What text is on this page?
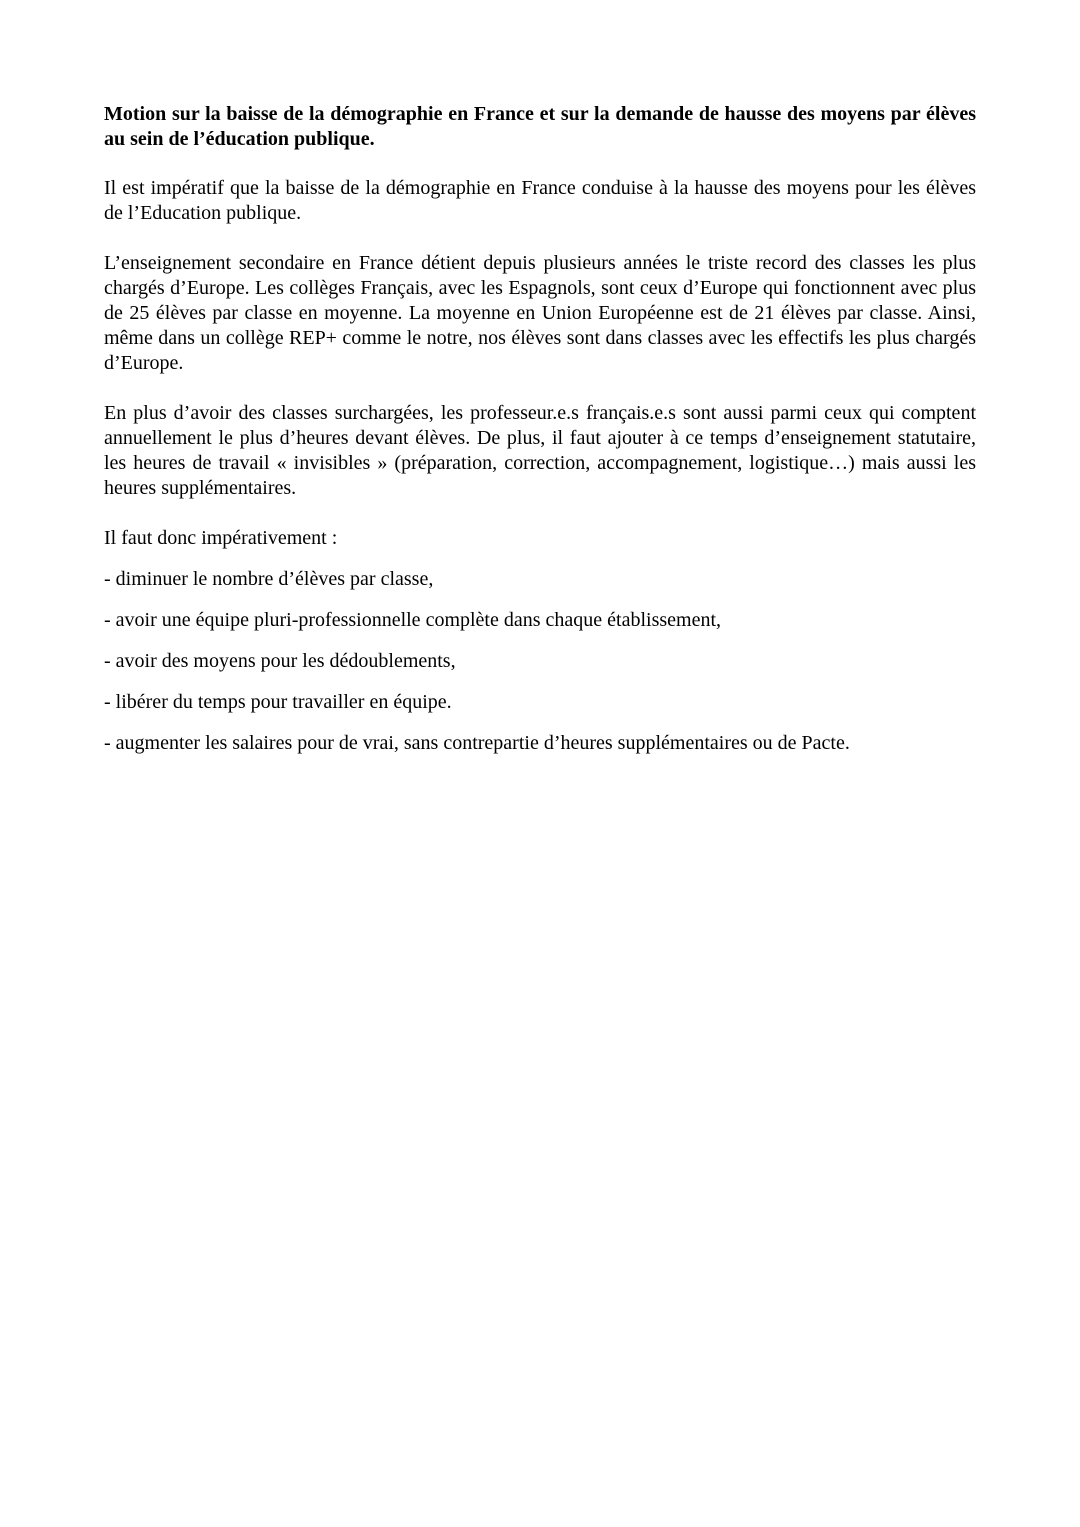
Motion sur la baisse de la démographie en France et sur la demande de hausse des moyens par élèves au sein de l’éducation publique.

Il est impératif que la baisse de la démographie en France conduise à la hausse des moyens pour les élèves de l’Education publique.

L’enseignement secondaire en France détient depuis plusieurs années le triste record des classes les plus chargés d’Europe. Les collèges Français, avec les Espagnols, sont ceux d’Europe qui fonctionnent avec plus de 25 élèves par classe en moyenne. La moyenne en Union Européenne est de 21 élèves par classe. Ainsi, même dans un collège REP+ comme le notre, nos élèves sont dans classes avec les effectifs les plus chargés d’Europe.

En plus d’avoir des classes surchargées, les professeur.e.s français.e.s sont aussi parmi ceux qui comptent annuellement le plus d’heures devant élèves. De plus, il faut ajouter à ce temps d’enseignement statutaire, les heures de travail « invisibles » (préparation, correction, accompagnement, logistique…) mais aussi les heures supplémentaires.

Il faut donc impérativement :

- diminuer le nombre d’élèves par classe,
- avoir une équipe pluri-professionnelle complète dans chaque établissement,
- avoir des moyens pour les dédoublements,
- libérer du temps pour travailler en équipe.
- augmenter les salaires pour de vrai, sans contrepartie d’heures supplémentaires ou de Pacte.
